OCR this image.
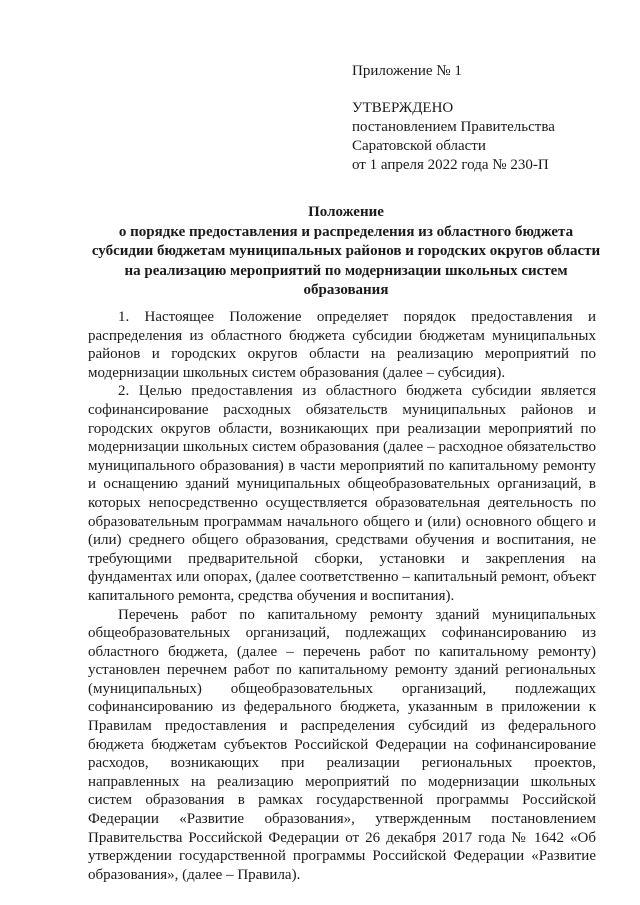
Приложение № 1
УТВЕРЖДЕНО
постановлением Правительства
Саратовской области
от 1 апреля 2022 года № 230-П
Положение
о порядке предоставления и распределения из областного бюджета субсидии бюджетам муниципальных районов и городских округов области на реализацию мероприятий по модернизации школьных систем образования

1. Настоящее Положение определяет порядок предоставления и распределения из областного бюджета субсидии бюджетам муниципальных районов и городских округов области на реализацию мероприятий по модернизации школьных систем образования (далее – субсидия).

2. Целью предоставления из областного бюджета субсидии является софинансирование расходных обязательств муниципальных районов и городских округов области, возникающих при реализации мероприятий по модернизации школьных систем образования (далее – расходное обязательство муниципального образования) в части мероприятий по капитальному ремонту и оснащению зданий муниципальных общеобразовательных организаций, в которых непосредственно осуществляется образовательная деятельность по образовательным программам начального общего и (или) основного общего и (или) среднего общего образования, средствами обучения и воспитания, не требующими предварительной сборки, установки и закрепления на фундаментах или опорах, (далее соответственно – капитальный ремонт, объект капитального ремонта, средства обучения и воспитания).

Перечень работ по капитальному ремонту зданий муниципальных общеобразовательных организаций, подлежащих софинансированию из областного бюджета, (далее – перечень работ по капитальному ремонту) установлен перечнем работ по капитальному ремонту зданий региональных (муниципальных) общеобразовательных организаций, подлежащих софинансированию из федерального бюджета, указанным в приложении к Правилам предоставления и распределения субсидий из федерального бюджета бюджетам субъектов Российской Федерации на софинансирование расходов, возникающих при реализации региональных проектов, направленных на реализацию мероприятий по модернизации школьных систем образования в рамках государственной программы Российской Федерации «Развитие образования», утвержденным постановлением Правительства Российской Федерации от 26 декабря 2017 года № 1642 «Об утверждении государственной программы Российской Федерации «Развитие образования», (далее – Правила).
